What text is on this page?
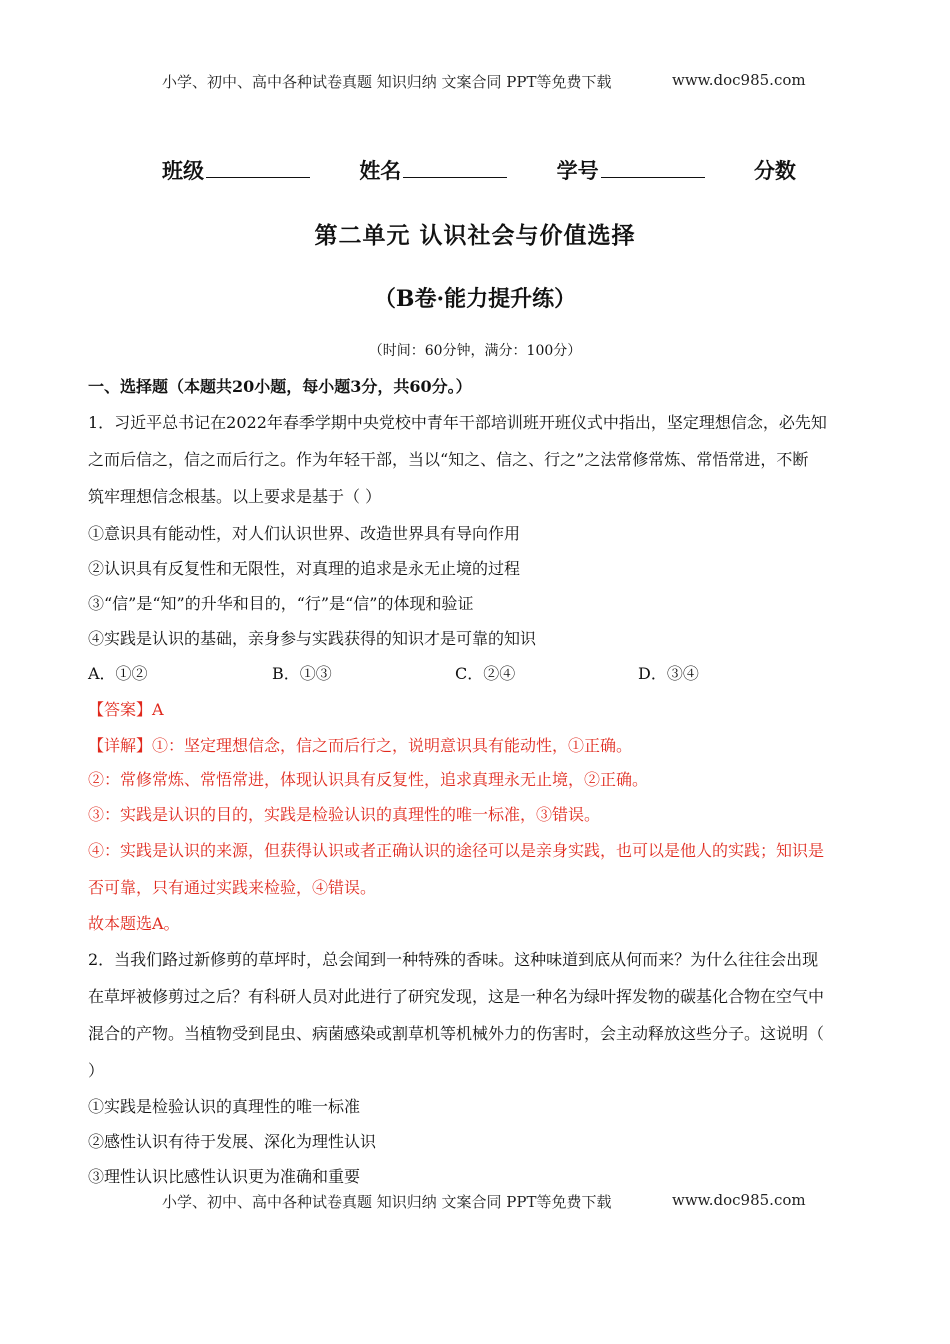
小学、初中、高中各种试卷真题 知识归纳 文案合同 PPT等免费下载	www.doc985.com
班级	姓名	学号	分数
第二单元 认识社会与价值选择
（B卷·能力提升练）
（时间：60分钟，满分：100分）
一、选择题（本题共20小题，每小题3分，共60分。）
1．习近平总书记在2022年春季学期中央党校中青年干部培训班开班仪式中指出，坚定理想信念，必先知
之而后信之，信之而后行之。作为年轻干部，当以“知之、信之、行之”之法常修常炼、常悟常进，不断
筑牢理想信念根基。以上要求是基于（ ）
①意识具有能动性，对人们认识世界、改造世界具有导向作用
②认识具有反复性和无限性，对真理的追求是永无止境的过程
③“信”是“知”的升华和目的，“行”是“信”的体现和验证
④实践是认识的基础，亲身参与实践获得的知识才是可靠的知识
A．①②	B．①③	C．②④	D．③④
【答案】A
【详解】①：坚定理想信念，信之而后行之，说明意识具有能动性，①正确。
②：常修常炼、常悟常进，体现认识具有反复性，追求真理永无止境，②正确。
③：实践是认识的目的，实践是检验认识的真理性的唯一标准，③错误。
④：实践是认识的来源，但获得认识或者正确认识的途径可以是亲身实践，也可以是他人的实践；知识是
否可靠，只有通过实践来检验，④错误。
故本题选A。
2．当我们路过新修剪的草坪时，总会闻到一种特殊的香味。这种味道到底从何而来？为什么往往会出现
在草坪被修剪过之后？有科研人员对此进行了研究发现，这是一种名为绿叶挥发物的碳基化合物在空气中
混合的产物。当植物受到昆虫、病菌感染或割草机等机械外力的伤害时，会主动释放这些分子。这说明（
）
①实践是检验认识的真理性的唯一标准
②感性认识有待于发展、深化为理性认识
③理性认识比感性认识更为准确和重要
小学、初中、高中各种试卷真题 知识归纳 文案合同 PPT等免费下载	www.doc985.com
